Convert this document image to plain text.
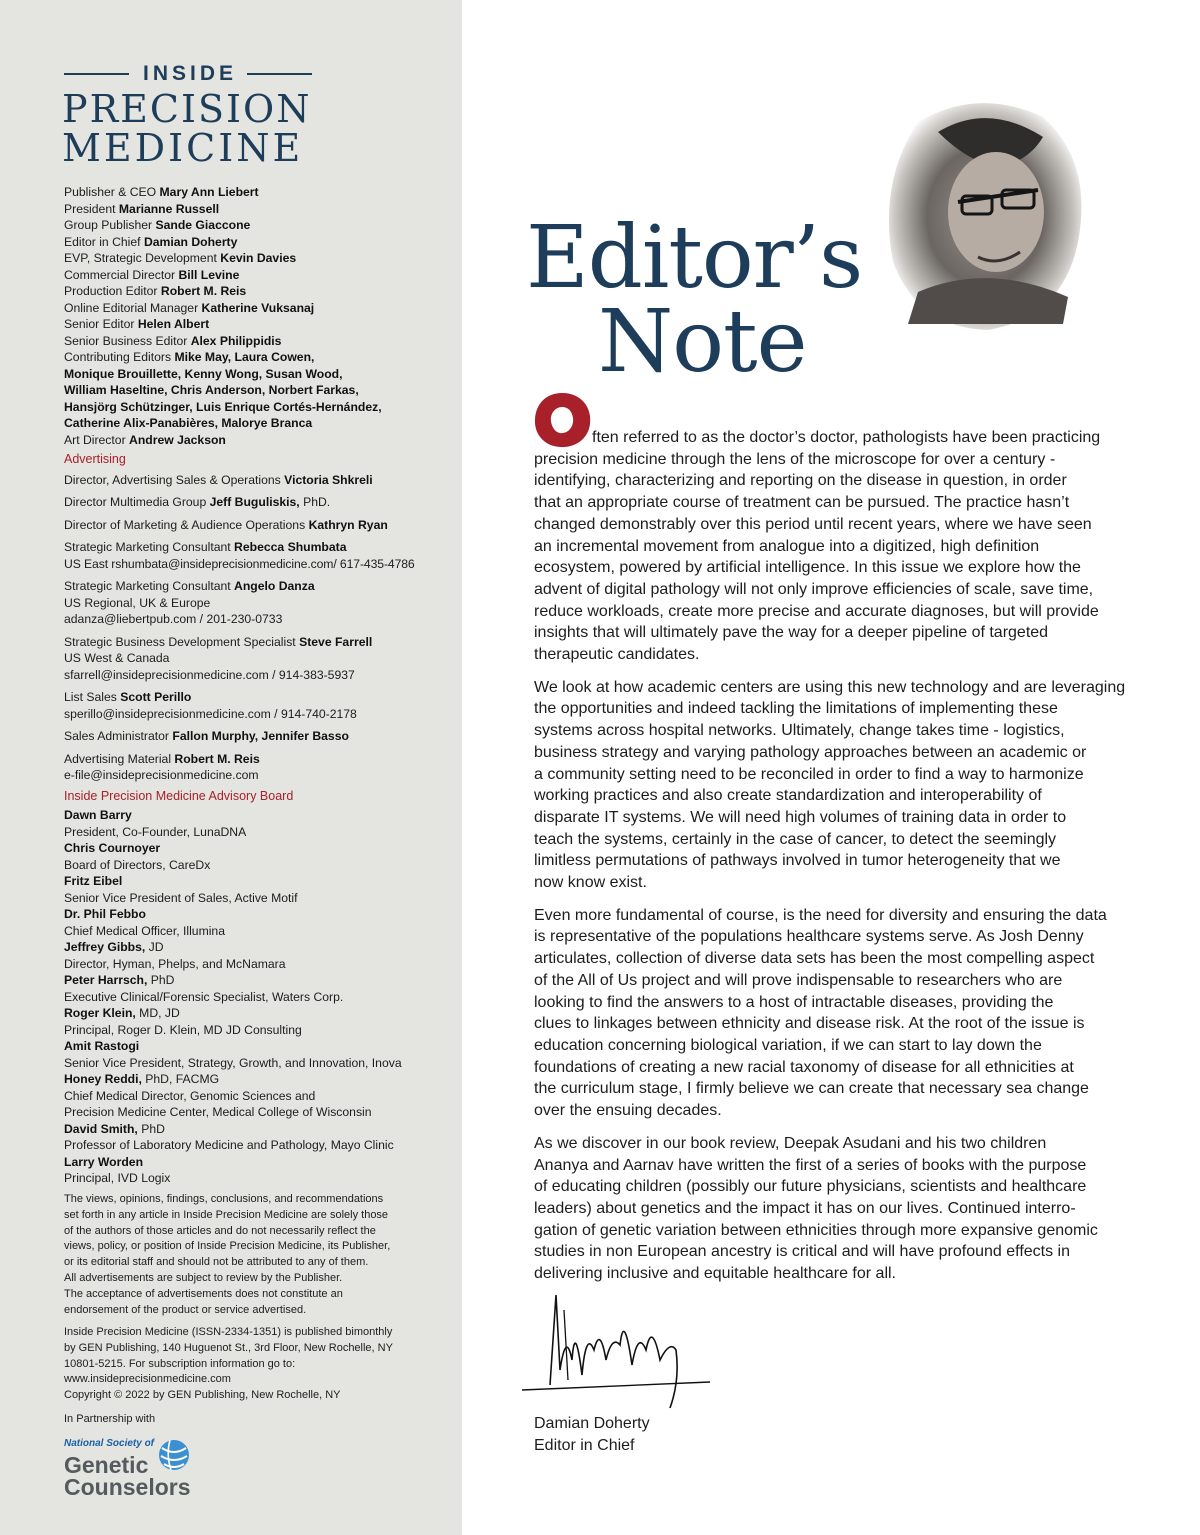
INSIDE
PRECISION
MEDICINE
Publisher & CEO Mary Ann Liebert
President Marianne Russell
Group Publisher Sande Giaccone
Editor in Chief Damian Doherty
EVP, Strategic Development Kevin Davies
Commercial Director Bill Levine
Production Editor Robert M. Reis
Online Editorial Manager Katherine Vuksanaj
Senior Editor Helen Albert
Senior Business Editor Alex Philippidis
Contributing Editors Mike May, Laura Cowen,
Monique Brouillette, Kenny Wong, Susan Wood,
William Haseltine, Chris Anderson, Norbert Farkas,
Hansjörg Schützinger, Luis Enrique Cortés-Hernández,
Catherine Alix-Panabières, Malorye Branca
Art Director Andrew Jackson
Advertising
Director, Advertising Sales & Operations Victoria Shkreli
Director Multimedia Group Jeff Buguliskis, PhD.
Director of Marketing & Audience Operations Kathryn Ryan
Strategic Marketing Consultant Rebecca Shumbata
US East rshumbata@insideprecisionmedicine.com/ 617-435-4786
Strategic Marketing Consultant Angelo Danza
US Regional, UK & Europe
adanza@liebertpub.com / 201-230-0733
Strategic Business Development Specialist Steve Farrell
US West & Canada
sfarrell@insideprecisionmedicine.com / 914-383-5937
List Sales Scott Perillo
sperillo@insideprecisionmedicine.com / 914-740-2178
Sales Administrator Fallon Murphy, Jennifer Basso
Advertising Material Robert M. Reis
e-file@insideprecisionmedicine.com
Inside Precision Medicine Advisory Board
Dawn Barry
President, Co-Founder, LunaDNA
Chris Cournoyer
Board of Directors, CareDx
Fritz Eibel
Senior Vice President of Sales, Active Motif
Dr. Phil Febbo
Chief Medical Officer, Illumina
Jeffrey Gibbs, JD
Director, Hyman, Phelps, and McNamara
Peter Harrsch, PhD
Executive Clinical/Forensic Specialist, Waters Corp.
Roger Klein, MD, JD
Principal, Roger D. Klein, MD JD Consulting
Amit Rastogi
Senior Vice President, Strategy, Growth, and Innovation, Inova
Honey Reddi, PhD, FACMG
Chief Medical Director, Genomic Sciences and
Precision Medicine Center, Medical College of Wisconsin
David Smith, PhD
Professor of Laboratory Medicine and Pathology, Mayo Clinic
Larry Worden
Principal, IVD Logix
The views, opinions, findings, conclusions, and recommendations
set forth in any article in Inside Precision Medicine are solely those
of the authors of those articles and do not necessarily reflect the
views, policy, or position of Inside Precision Medicine, its Publisher,
or its editorial staff and should not be attributed to any of them.
All advertisements are subject to review by the Publisher.
The acceptance of advertisements does not constitute an
endorsement of the product or service advertised.
Inside Precision Medicine (ISSN-2334-1351) is published bimonthly
by GEN Publishing, 140 Huguenot St., 3rd Floor, New Rochelle, NY
10801-5215. For subscription information go to:
www.insideprecisionmedicine.com
Copyright © 2022 by GEN Publishing, New Rochelle, NY
In Partnership with
National Society of
Genetic
Counselors
Editor’s
Note

ften referred to as the doctor’s doctor, pathologists have been practicing
precision medicine through the lens of the microscope for over a century -
identifying, characterizing and reporting on the disease in question, in order
that an appropriate course of treatment can be pursued. The practice hasn’t
changed demonstrably over this period until recent years, where we have seen
an incremental movement from analogue into a digitized, high definition
ecosystem, powered by artificial intelligence. In this issue we explore how the
advent of digital pathology will not only improve efficiencies of scale, save time,
reduce workloads, create more precise and accurate diagnoses, but will provide
insights that will ultimately pave the way for a deeper pipeline of targeted
therapeutic candidates.

We look at how academic centers are using this new technology and are leveraging
the opportunities and indeed tackling the limitations of implementing these
systems across hospital networks. Ultimately, change takes time - logistics,
business strategy and varying pathology approaches between an academic or
a community setting need to be reconciled in order to find a way to harmonize
working practices and also create standardization and interoperability of
disparate IT systems. We will need high volumes of training data in order to
teach the systems, certainly in the case of cancer, to detect the seemingly
limitless permutations of pathways involved in tumor heterogeneity that we
now know exist.

Even more fundamental of course, is the need for diversity and ensuring the data
is representative of the populations healthcare systems serve. As Josh Denny
articulates, collection of diverse data sets has been the most compelling aspect
of the All of Us project and will prove indispensable to researchers who are
looking to find the answers to a host of intractable diseases, providing the
clues to linkages between ethnicity and disease risk. At the root of the issue is
education concerning biological variation, if we can start to lay down the
foundations of creating a new racial taxonomy of disease for all ethnicities at
the curriculum stage, I firmly believe we can create that necessary sea change
over the ensuing decades.

As we discover in our book review, Deepak Asudani and his two children
Ananya and Aarnav have written the first of a series of books with the purpose
of educating children (possibly our future physicians, scientists and healthcare
leaders) about genetics and the impact it has on our lives. Continued interro-
gation of genetic variation between ethnicities through more expansive genomic
studies in non European ancestry is critical and will have profound effects in
delivering inclusive and equitable healthcare for all.

Damian Doherty
Editor in Chief
